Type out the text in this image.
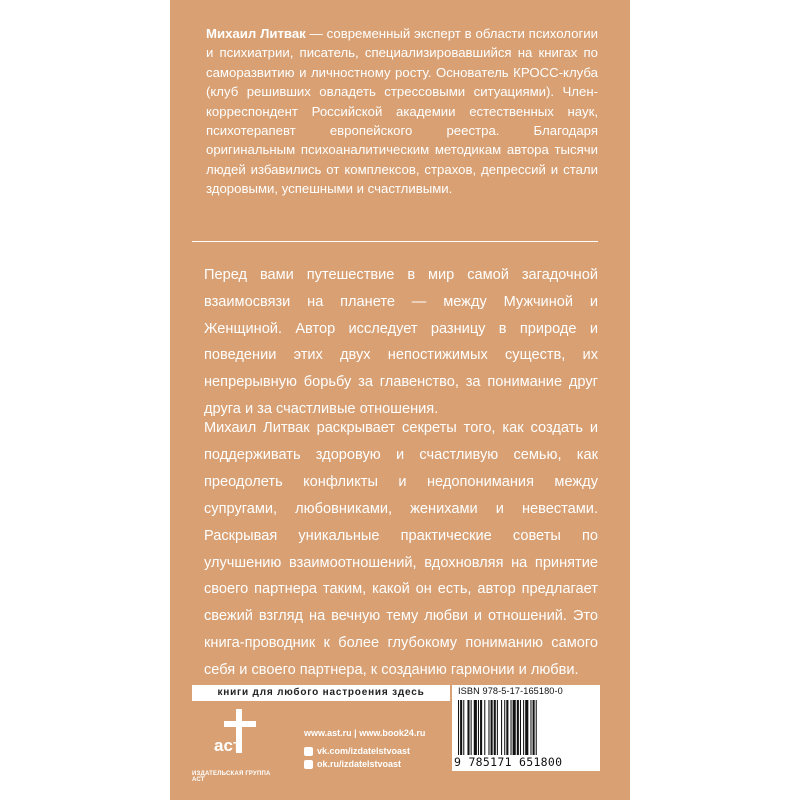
Михаил Литвак — современный эксперт в области психологии и психиатрии, писатель, специализировавшийся на книгах по саморазвитию и личностному росту. Основатель КРОСС-клуба (клуб решивших овладеть стрессовыми ситуациями). Член-корреспондент Российской академии естественных наук, психотерапевт европейского реестра. Благодаря оригинальным психоаналитическим методикам автора тысячи людей избавились от комплексов, страхов, депрессий и стали здоровыми, успешными и счастливыми.
Перед вами путешествие в мир самой загадочной взаимосвязи на планете — между Мужчиной и Женщиной. Автор исследует разницу в природе и поведении этих двух непостижимых существ, их непрерывную борьбу за главенство, за понимание друг друга и за счастливые отношения.
Михаил Литвак раскрывает секреты того, как создать и поддерживать здоровую и счастливую семью, как преодолеть конфликты и недопонимания между супругами, любовниками, женихами и невестами. Раскрывая уникальные практические советы по улучшению взаимоотношений, вдохновляя на принятие своего партнера таким, какой он есть, автор предлагает свежий взгляд на вечную тему любви и отношений. Это книга-проводник к более глубокому пониманию самого себя и своего партнера, к созданию гармонии и любви.
книги для любого настроения здесь
аст
ИЗДАТЕЛЬСКАЯ ГРУППА АСТ
www.ast.ru | www.book24.ru
vk.com/izdatelstvoast
ok.ru/izdatelstvoast
ISBN 978-5-17-165180-0
9 785171 651800
